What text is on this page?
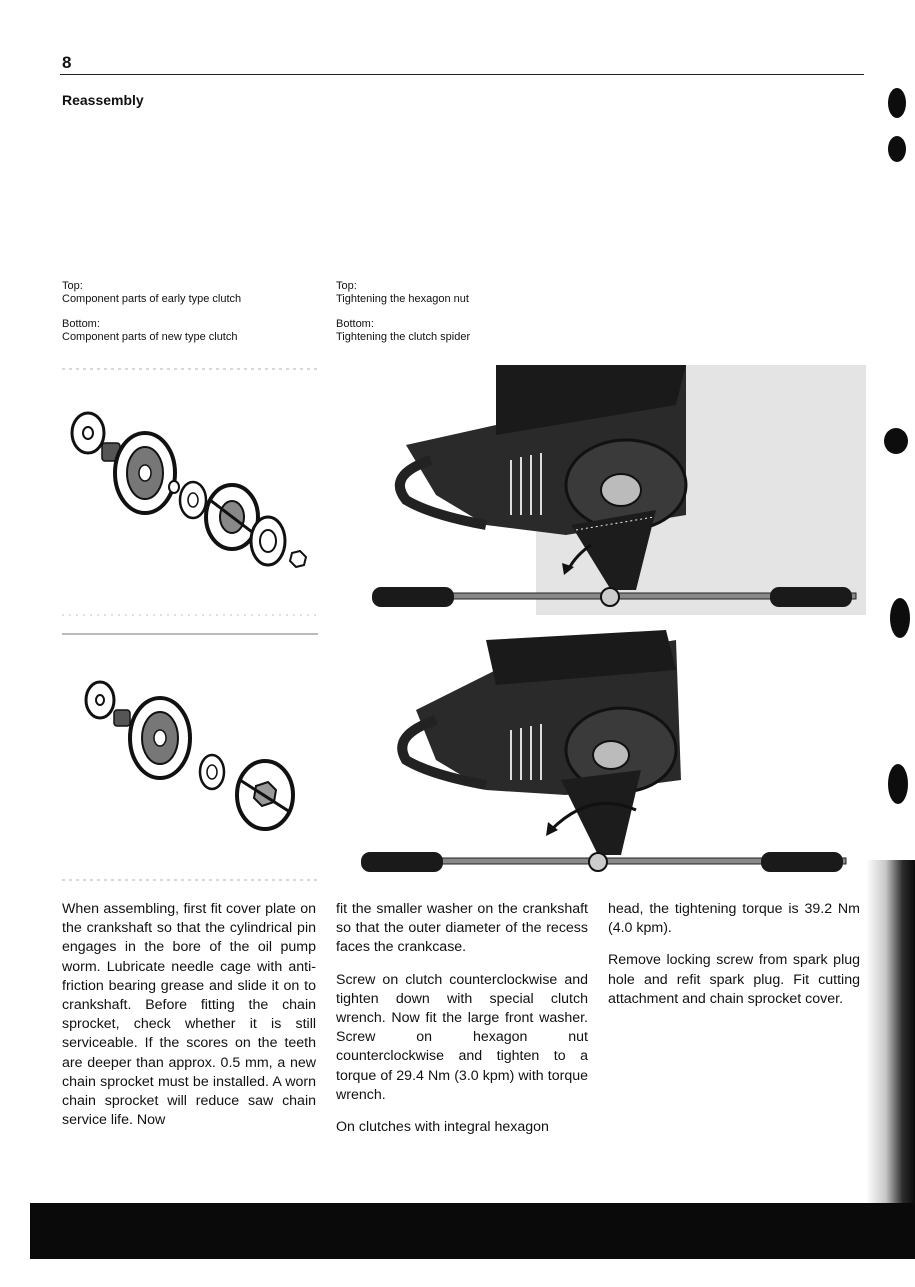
8
Reassembly
Top:
Component parts of early type clutch
Bottom:
Component parts of new type clutch
Top:
Tightening the hexagon nut
Bottom:
Tightening the clutch spider

When assembling, first fit cover plate on the crankshaft so that the cylindrical pin engages in the bore of the oil pump worm. Lubricate needle cage with anti-friction bearing grease and slide it on to crankshaft. Before fitting the chain sprocket, check whether it is still serviceable. If the scores on the teeth are deeper than approx. 0.5 mm, a new chain sprocket must be installed. A worn chain sprocket will reduce saw chain service life. Now

fit the smaller washer on the crankshaft so that the outer diameter of the recess faces the crankcase.

Screw on clutch counterclockwise and tighten down with special clutch wrench. Now fit the large front washer. Screw on hexagon nut counterclockwise and tighten to a torque of 29.4 Nm (3.0 kpm) with torque wrench.

On clutches with integral hexagon

head, the tightening torque is 39.2 Nm (4.0 kpm).

Remove locking screw from spark plug hole and refit spark plug. Fit cutting attachment and chain sprocket cover.
